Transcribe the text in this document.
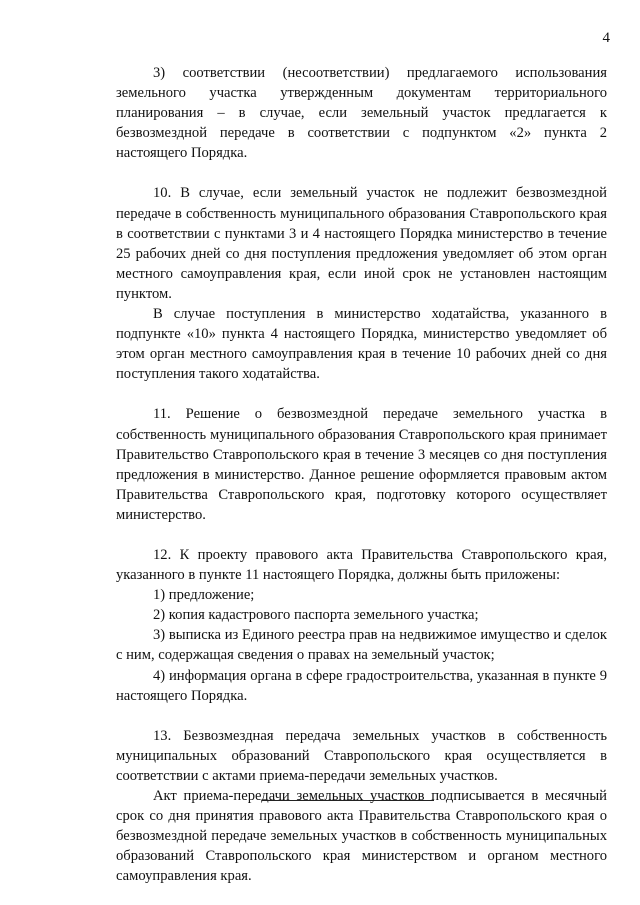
4

3) соответствии (несоответствии) предлагаемого использования земельного участка утвержденным документам территориального планирования – в случае, если земельный участок предлагается к безвозмездной передаче в соответствии с подпунктом «2» пункта 2 настоящего Порядка.

10. В случае, если земельный участок не подлежит безвозмездной передаче в собственность муниципального образования Ставропольского края в соответствии с пунктами 3 и 4 настоящего Порядка министерство в течение 25 рабочих дней со дня поступления предложения уведомляет об этом орган местного самоуправления края, если иной срок не установлен настоящим пунктом.

В случае поступления в министерство ходатайства, указанного в подпункте «10» пункта 4 настоящего Порядка, министерство уведомляет об этом орган местного самоуправления края в течение 10 рабочих дней со дня поступления такого ходатайства.

11. Решение о безвозмездной передаче земельного участка в собственность муниципального образования Ставропольского края принимает Правительство Ставропольского края в течение 3 месяцев со дня поступления предложения в министерство. Данное решение оформляется правовым актом Правительства Ставропольского края, подготовку которого осуществляет министерство.

12. К проекту правового акта Правительства Ставропольского края, указанного в пункте 11 настоящего Порядка, должны быть приложены:

1) предложение;

2) копия кадастрового паспорта земельного участка;

3) выписка из Единого реестра прав на недвижимое имущество и сделок с ним, содержащая сведения о правах на земельный участок;

4) информация органа в сфере градостроительства, указанная в пункте 9 настоящего Порядка.

13. Безвозмездная передача земельных участков в собственность муниципальных образований Ставропольского края осуществляется в соответствии с актами приема-передачи земельных участков.

Акт приема-передачи земельных участков подписывается в месячный срок со дня принятия правового акта Правительства Ставропольского края о безвозмездной передаче земельных участков в собственность муниципальных образований Ставропольского края министерством и органом местного самоуправления края.
